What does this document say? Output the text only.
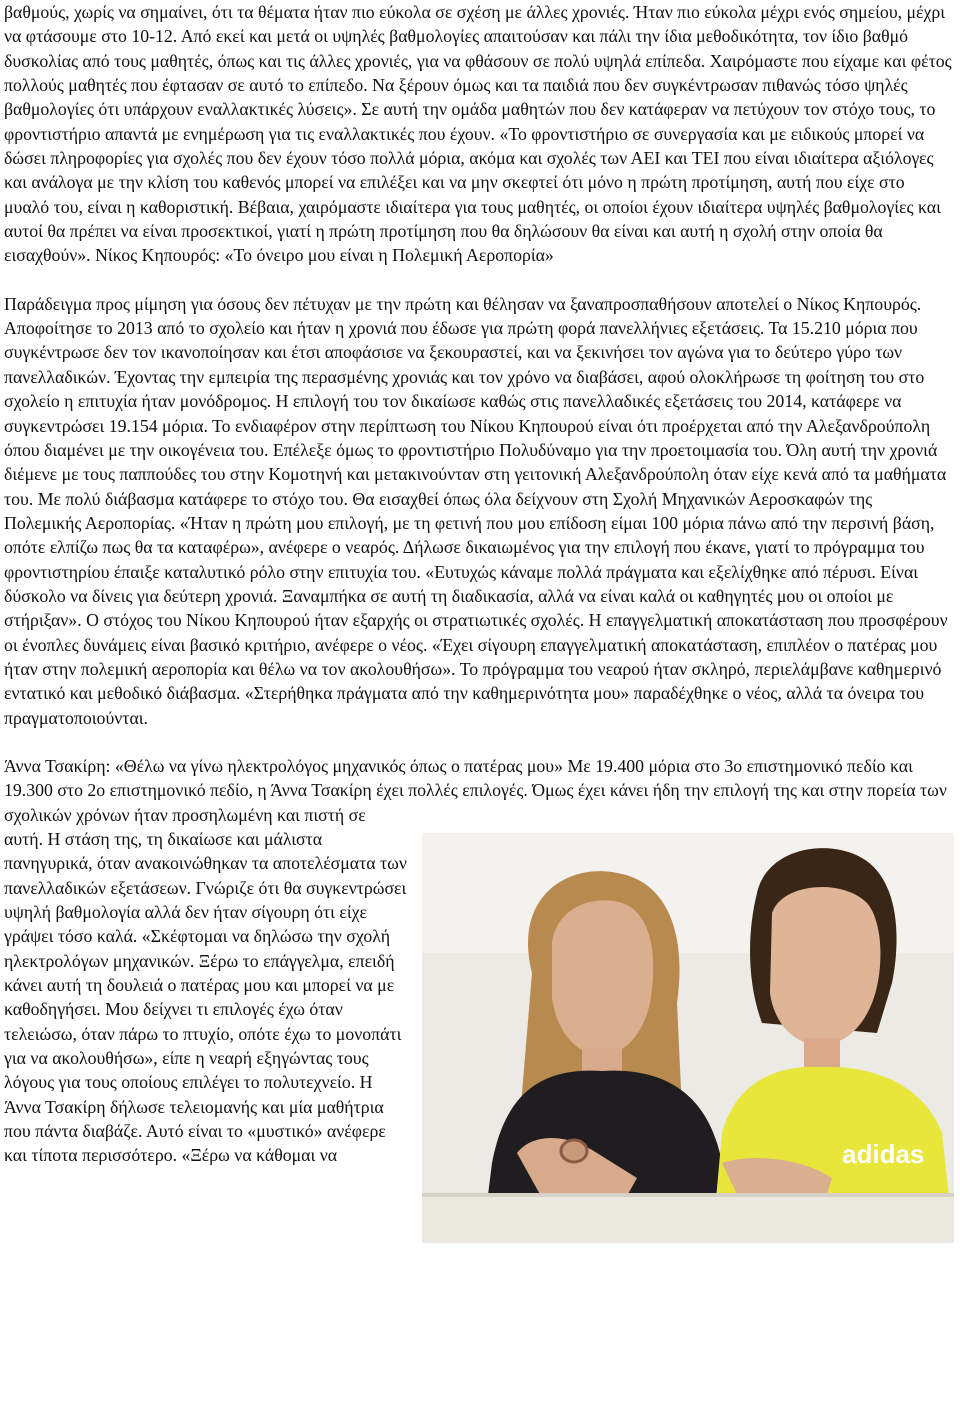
βαθμούς, χωρίς να σημαίνει, ότι τα θέματα ήταν πιο εύκολα σε σχέση με άλλες χρονιές. Ήταν πιο εύκολα μέχρι ενός σημείου, μέχρι να φτάσουμε στο 10-12. Από εκεί και μετά οι υψηλές βαθμολογίες απαιτούσαν και πάλι την ίδια μεθοδικότητα, τον ίδιο βαθμό δυσκολίας από τους μαθητές, όπως και τις άλλες χρονιές, για να φθάσουν σε πολύ υψηλά επίπεδα. Χαιρόμαστε που είχαμε και φέτος πολλούς μαθητές που έφτασαν σε αυτό το επίπεδο. Να ξέρουν όμως και τα παιδιά που δεν συγκέντρωσαν πιθανώς τόσο ψηλές βαθμολογίες ότι υπάρχουν εναλλακτικές λύσεις». Σε αυτή την ομάδα μαθητών που δεν κατάφεραν να πετύχουν τον στόχο τους, το φροντιστήριο απαντά με ενημέρωση για τις εναλλακτικές που έχουν. «Το φροντιστήριο σε συνεργασία και με ειδικούς μπορεί να δώσει πληροφορίες για σχολές που δεν έχουν τόσο πολλά μόρια, ακόμα και σχολές των ΑΕΙ και ΤΕΙ που είναι ιδιαίτερα αξιόλογες και ανάλογα με την κλίση του καθενός μπορεί να επιλέξει και να μην σκεφτεί ότι μόνο η πρώτη προτίμηση, αυτή που είχε στο μυαλό του, είναι η καθοριστική. Βέβαια, χαιρόμαστε ιδιαίτερα για τους μαθητές, οι οποίοι έχουν ιδιαίτερα υψηλές βαθμολογίες και αυτοί θα πρέπει να είναι προσεκτικοί, γιατί η πρώτη προτίμηση που θα δηλώσουν θα είναι και αυτή η σχολή στην οποία θα εισαχθούν». Νίκος Κηπουρός: «Το όνειρο μου είναι η Πολεμική Αεροπορία»

Παράδειγμα προς μίμηση για όσους δεν πέτυχαν με την πρώτη και θέλησαν να ξαναπροσπαθήσουν αποτελεί ο Νίκος Κηπουρός. Αποφοίτησε το 2013 από το σχολείο και ήταν η χρονιά που έδωσε για πρώτη φορά πανελλήνιες εξετάσεις. Τα 15.210 μόρια που συγκέντρωσε δεν τον ικανοποίησαν και έτσι αποφάσισε να ξεκουραστεί, και να ξεκινήσει τον αγώνα για το δεύτερο γύρο των πανελλαδικών. Έχοντας την εμπειρία της περασμένης χρονιάς και τον χρόνο να διαβάσει, αφού ολοκλήρωσε τη φοίτηση του στο σχολείο η επιτυχία ήταν μονόδρομος. Η επιλογή του τον δικαίωσε καθώς στις πανελλαδικές εξετάσεις του 2014, κατάφερε να συγκεντρώσει 19.154 μόρια. Το ενδιαφέρον στην περίπτωση του Νίκου Κηπουρού είναι ότι προέρχεται από την Αλεξανδρούπολη όπου διαμένει με την οικογένεια του. Επέλεξε όμως το φροντιστήριο Πολυδύναμο για την προετοιμασία του. Όλη αυτή την χρονιά διέμενε με τους παππούδες του στην Κομοτηνή και μετακινούνταν στη γειτονική Αλεξανδρούπολη όταν είχε κενά από τα μαθήματα του. Με πολύ διάβασμα κατάφερε το στόχο του. Θα εισαχθεί όπως όλα δείχνουν στη Σχολή Μηχανικών Αεροσκαφών της Πολεμικής Αεροπορίας. «Ήταν η πρώτη μου επιλογή, με τη φετινή που μου επίδοση είμαι 100 μόρια πάνω από την περσινή βάση, οπότε ελπίζω πως θα τα καταφέρω», ανέφερε ο νεαρός. Δήλωσε δικαιωμένος για την επιλογή που έκανε, γιατί το πρόγραμμα του φροντιστηρίου έπαιξε καταλυτικό ρόλο στην επιτυχία του. «Ευτυχώς κάναμε πολλά πράγματα και εξελίχθηκε από πέρυσι. Είναι δύσκολο να δίνεις για δεύτερη χρονιά. Ξαναμπήκα σε αυτή τη διαδικασία, αλλά να είναι καλά οι καθηγητές μου οι οποίοι με στήριξαν». Ο στόχος του Νίκου Κηπουρού ήταν εξαρχής οι στρατιωτικές σχολές. Η επαγγελματική αποκατάσταση που προσφέρουν οι ένοπλες δυνάμεις είναι βασικό κριτήριο, ανέφερε ο νέος. «Έχει σίγουρη επαγγελματική αποκατάσταση, επιπλέον ο πατέρας μου ήταν στην πολεμική αεροπορία και θέλω να τον ακολουθήσω». Το πρόγραμμα του νεαρού ήταν σκληρό, περιελάμβανε καθημερινό εντατικό και μεθοδικό διάβασμα. «Στερήθηκα πράγματα από την καθημερινότητα μου» παραδέχθηκε ο νέος, αλλά τα όνειρα του πραγματοποιούνται.

Άννα Τσακίρη: «Θέλω να γίνω ηλεκτρολόγος μηχανικός όπως ο πατέρας μου» Με 19.400 μόρια στο 3ο επιστημονικό πεδίο και 19.300 στο 2ο επιστημονικό πεδίο, η Άννα Τσακίρη έχει πολλές επιλογές. Όμως έχει κάνει ήδη την επιλογή της και στην πορεία των σχολικών χρόνων ήταν προσηλωμένη και πιστή σε

adidas

αυτή. Η στάση της, τη δικαίωσε και μάλιστα πανηγυρικά, όταν ανακοινώθηκαν τα αποτελέσματα των πανελλαδικών εξετάσεων. Γνώριζε ότι θα συγκεντρώσει υψηλή βαθμολογία αλλά δεν ήταν σίγουρη ότι είχε γράψει τόσο καλά. «Σκέφτομαι να δηλώσω την σχολή ηλεκτρολόγων μηχανικών. Ξέρω το επάγγελμα, επειδή κάνει αυτή τη δουλειά ο πατέρας μου και μπορεί να με καθοδηγήσει. Μου δείχνει τι επιλογές έχω όταν τελειώσω, όταν πάρω το πτυχίο, οπότε έχω το μονοπάτι για να ακολουθήσω», είπε η νεαρή εξηγώντας τους λόγους για τους οποίους επιλέγει το πολυτεχνείο. Η Άννα Τσακίρη δήλωσε τελειομανής και μία μαθήτρια που πάντα διαβάζε. Αυτό είναι το «μυστικό» ανέφερε και τίποτα περισσότερο. «Ξέρω να κάθομαι να
